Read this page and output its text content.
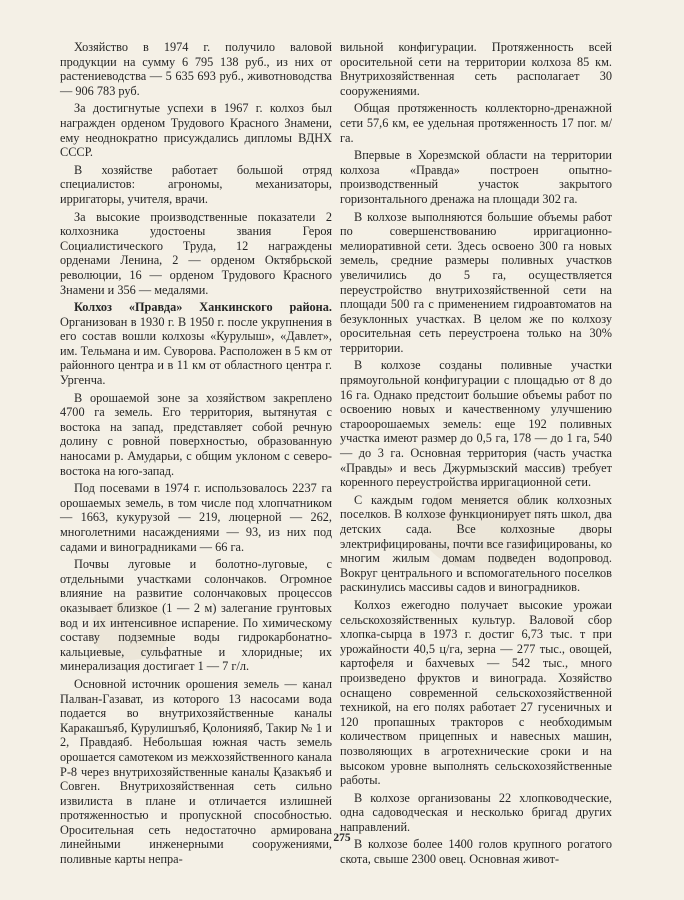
Хозяйство в 1974 г. получило валовой продукции на сумму 6 795 138 руб., из них от растениеводства — 5 635 693 руб., животноводства — 906 783 руб.

За достигнутые успехи в 1967 г. колхоз был награжден орденом Трудового Красного Знамени, ему неоднократно присуждались дипломы ВДНХ СССР.

В хозяйстве работает большой отряд специалистов: агрономы, механизаторы, ирригаторы, учителя, врачи.

За высокие производственные показатели 2 колхозника удостоены звания Героя Социалистического Труда, 12 награждены орденами Ленина, 2 — орденом Октябрьской революции, 16 — орденом Трудового Красного Знамени и 356 — медалями.

Колхоз «Правда» Ханкинского района. Организован в 1930 г. В 1950 г. после укрупнения в его состав вошли колхозы «Курулыш», «Давлет», им. Тельмана и им. Суворова. Расположен в 5 км от районного центра и в 11 км от областного центра г. Ургенча.

В орошаемой зоне за хозяйством закреплено 4700 га земель. Его территория, вытянутая с востока на запад, представляет собой речную долину с ровной поверхностью, образованную наносами р. Амударьи, с общим уклоном с северо-востока на юго-запад.

Под посевами в 1974 г. использовалось 2237 га орошаемых земель, в том числе под хлопчатником — 1663, кукурузой — 219, люцерной — 262, многолетними насаждениями — 93, из них под садами и виноградниками — 66 га.

Почвы луговые и болотно-луговые, с отдельными участками солончаков. Огромное влияние на развитие солончаковых процессов оказывает близкое (1 — 2 м) залегание грунтовых вод и их интенсивное испарение. По химическому составу подземные воды гидрокарбонатно-кальциевые, сульфатные и хлоридные; их минерализация достигает 1 — 7 г/л.

Основной источник орошения земель — канал Палван-Газават, из которого 13 насосами вода подается во внутрихозяйственные каналы Каракашъяб, Курулишъяб, Қолонияяб, Такир № 1 и 2, Правдаяб. Небольшая южная часть земель орошается самотеком из межхозяйственного канала Р-8 через внутрихозяйственные каналы Қазакъяб и Совген. Внутрихозяйственная сеть сильно извилиста в плане и отличается излишней протяженностью и пропускной способностью. Оросительная сеть недостаточно армирована линейными инженерными сооружениями, поливные карты непра-

вильной конфигурации. Протяженность всей оросительной сети на территории колхоза 85 км. Внутрихозяйственная сеть располагает 30 сооружениями.

Общая протяженность коллекторно-дренажной сети 57,6 км, ее удельная протяженность 17 пог. м/га.

Впервые в Хорезмской области на территории колхоза «Правда» построен опытно-производственный участок закрытого горизонтального дренажа на площади 302 га.

В колхозе выполняются большие объемы работ по совершенствованию ирригационно-мелиоративной сети. Здесь освоено 300 га новых земель, средние размеры поливных участков увеличились до 5 га, осуществляется переустройство внутрихозяйственной сети на площади 500 га с применением гидроавтоматов на безуклонных участках. В целом же по колхозу оросительная сеть переустроена только на 30% территории.

В колхозе созданы поливные участки прямоугольной конфигурации с площадью от 8 до 16 га. Однако предстоит большие объемы работ по освоению новых и качественному улучшению староорошаемых земель: еще 192 поливных участка имеют размер до 0,5 га, 178 — до 1 га, 540 — до 3 га. Основная территория (часть участка «Правды» и весь Джурмызский массив) требует коренного переустройства ирригационной сети.

С каждым годом меняется облик колхозных поселков. В колхозе функционирует пять школ, два детских сада. Все колхозные дворы электрифицированы, почти все газифицированы, ко многим жилым домам подведен водопровод. Вокруг центрального и вспомогательного поселков раскинулись массивы садов и виноградников.

Колхоз ежегодно получает высокие урожаи сельскохозяйственных культур. Валовой сбор хлопка-сырца в 1973 г. достиг 6,73 тыс. т при урожайности 40,5 ц/га, зерна — 277 тыс., овощей, картофеля и бахчевых — 542 тыс., много произведено фруктов и винограда. Хозяйство оснащено современной сельскохозяйственной техникой, на его полях работает 27 гусеничных и 120 пропашных тракторов с необходимым количеством прицепных и навесных машин, позволяющих в агротехнические сроки и на высоком уровне выполнять сельскохозяйственные работы.

В колхозе организованы 22 хлопководческие, одна садоводческая и несколько бригад других направлений.

В колхозе более 1400 голов крупного рогатого скота, свыше 2300 овец. Основная живот-

275
